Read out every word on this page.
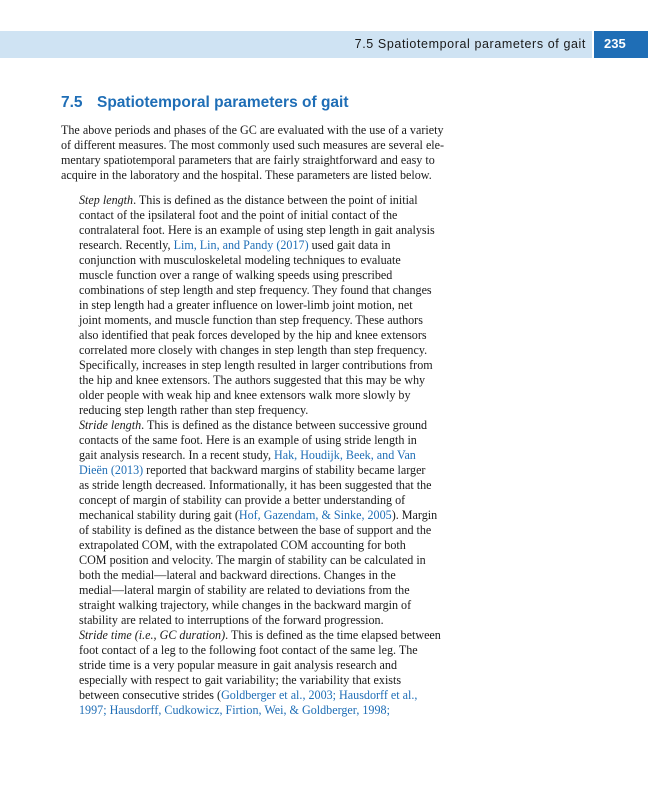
7.5 Spatiotemporal parameters of gait 235
7.5 Spatiotemporal parameters of gait

The above periods and phases of the GC are evaluated with the use of a variety
of different measures. The most commonly used such measures are several ele-
mentary spatiotemporal parameters that are fairly straightforward and easy to
acquire in the laboratory and the hospital. These parameters are listed below.

Step length. This is defined as the distance between the point of initial
contact of the ipsilateral foot and the point of initial contact of the
contralateral foot. Here is an example of using step length in gait analysis
research. Recently, Lim, Lin, and Pandy (2017) used gait data in
conjunction with musculoskeletal modeling techniques to evaluate
muscle function over a range of walking speeds using prescribed
combinations of step length and step frequency. They found that changes
in step length had a greater influence on lower-limb joint motion, net
joint moments, and muscle function than step frequency. These authors
also identified that peak forces developed by the hip and knee extensors
correlated more closely with changes in step length than step frequency.
Specifically, increases in step length resulted in larger contributions from
the hip and knee extensors. The authors suggested that this may be why
older people with weak hip and knee extensors walk more slowly by
reducing step length rather than step frequency.

Stride length. This is defined as the distance between successive ground
contacts of the same foot. Here is an example of using stride length in
gait analysis research. In a recent study, Hak, Houdijk, Beek, and Van
Dieën (2013) reported that backward margins of stability became larger
as stride length decreased. Informationally, it has been suggested that the
concept of margin of stability can provide a better understanding of
mechanical stability during gait (Hof, Gazendam, & Sinke, 2005). Margin
of stability is defined as the distance between the base of support and the
extrapolated COM, with the extrapolated COM accounting for both
COM position and velocity. The margin of stability can be calculated in
both the medial—lateral and backward directions. Changes in the
medial—lateral margin of stability are related to deviations from the
straight walking trajectory, while changes in the backward margin of
stability are related to interruptions of the forward progression.

Stride time (i.e., GC duration). This is defined as the time elapsed between
foot contact of a leg to the following foot contact of the same leg. The
stride time is a very popular measure in gait analysis research and
especially with respect to gait variability; the variability that exists
between consecutive strides (Goldberger et al., 2003; Hausdorff et al.,
1997; Hausdorff, Cudkowicz, Firtion, Wei, & Goldberger, 1998;
